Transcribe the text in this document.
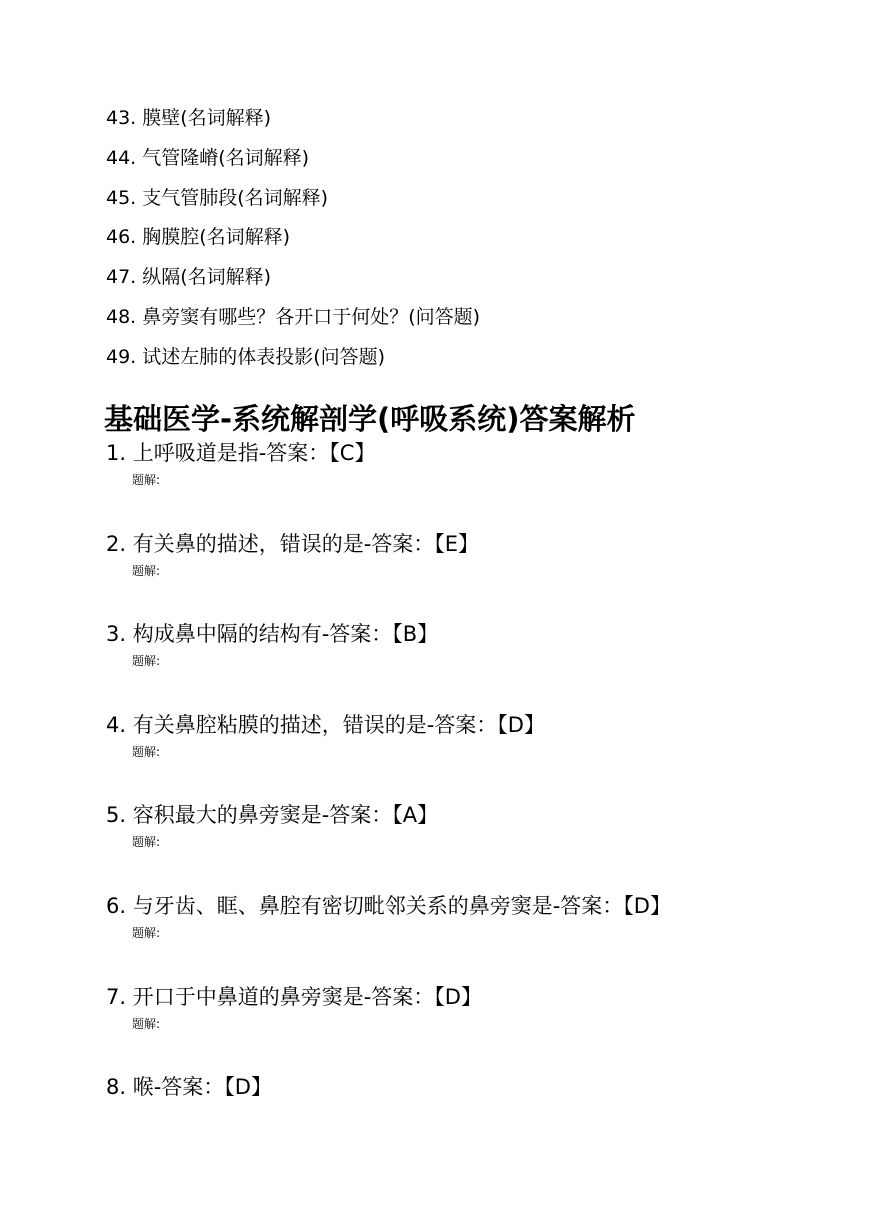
43. 膜壁(名词解释)
44. 气管隆嵴(名词解释)
45. 支气管肺段(名词解释)
46. 胸膜腔(名词解释)
47. 纵隔(名词解释)
48. 鼻旁窦有哪些？各开口于何处？(问答题)
49. 试述左肺的体表投影(问答题)
基础医学-系统解剖学(呼吸系统)答案解析
1. 上呼吸道是指-答案：【C】
题解:
2. 有关鼻的描述，错误的是-答案：【E】
题解:
3. 构成鼻中隔的结构有-答案：【B】
题解:
4. 有关鼻腔粘膜的描述，错误的是-答案：【D】
题解:
5. 容积最大的鼻旁窦是-答案：【A】
题解:
6. 与牙齿、眶、鼻腔有密切毗邻关系的鼻旁窦是-答案：【D】
题解:
7. 开口于中鼻道的鼻旁窦是-答案：【D】
题解:
8. 喉-答案：【D】
